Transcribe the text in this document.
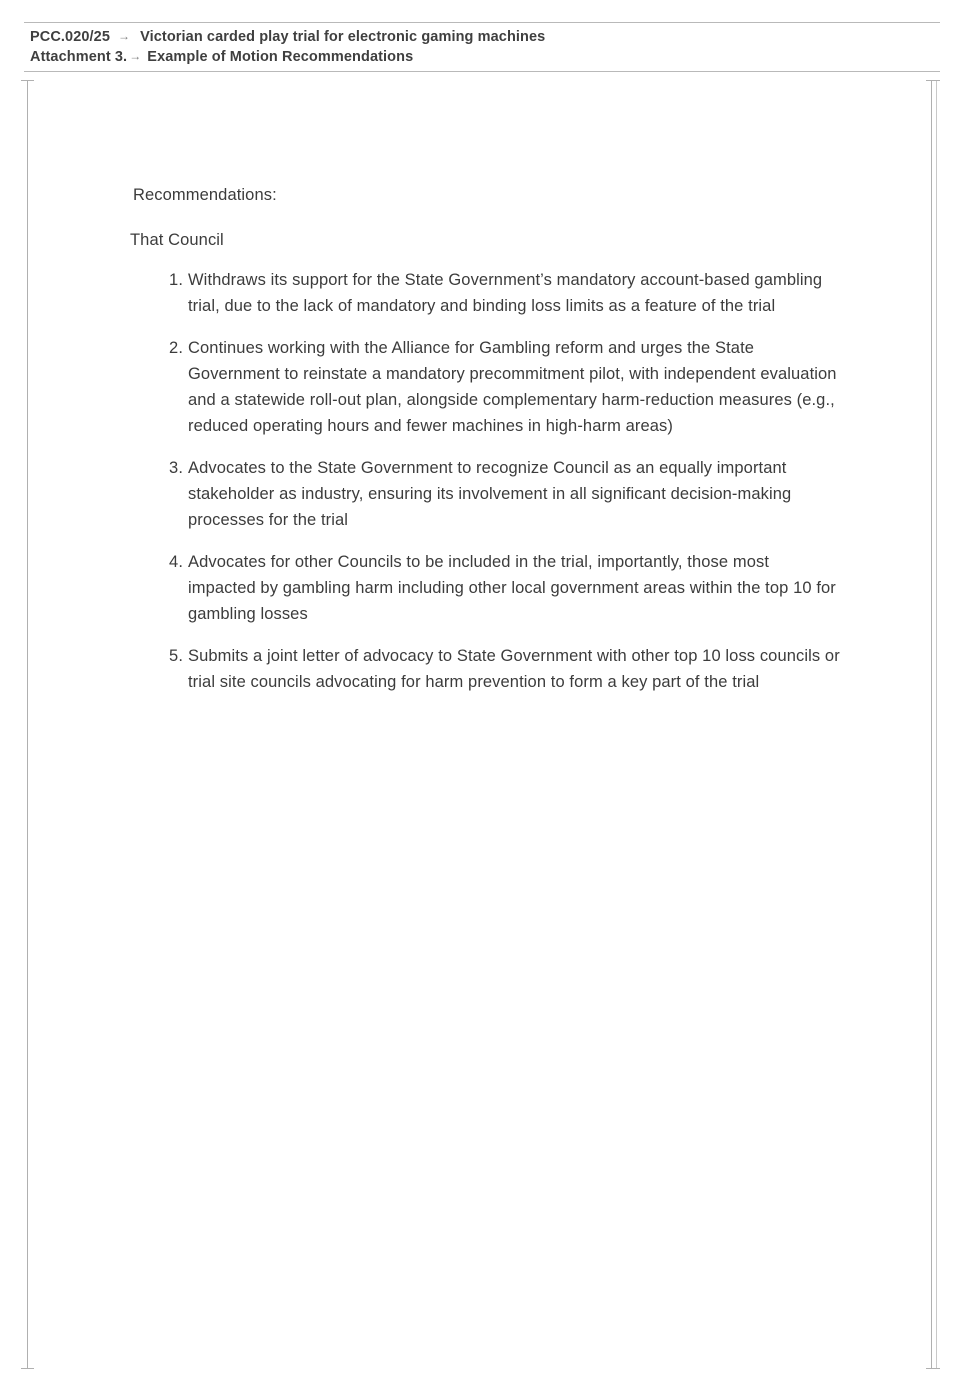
PCC.020/25 → Victorian carded play trial for electronic gaming machines
Attachment 3. → Example of Motion Recommendations

Recommendations:

That Council

Withdraws its support for the State Government’s mandatory account-based gambling trial, due to the lack of mandatory and binding loss limits as a feature of the trial
Continues working with the Alliance for Gambling reform and urges the State Government to reinstate a mandatory precommitment pilot, with independent evaluation and a statewide roll-out plan, alongside complementary harm-reduction measures (e.g., reduced operating hours and fewer machines in high-harm areas)
Advocates to the State Government to recognize Council as an equally important stakeholder as industry, ensuring its involvement in all significant decision-making processes for the trial
Advocates for other Councils to be included in the trial, importantly, those most impacted by gambling harm including other local government areas within the top 10 for gambling losses
Submits a joint letter of advocacy to State Government with other top 10 loss councils or trial site councils advocating for harm prevention to form a key part of the trial
